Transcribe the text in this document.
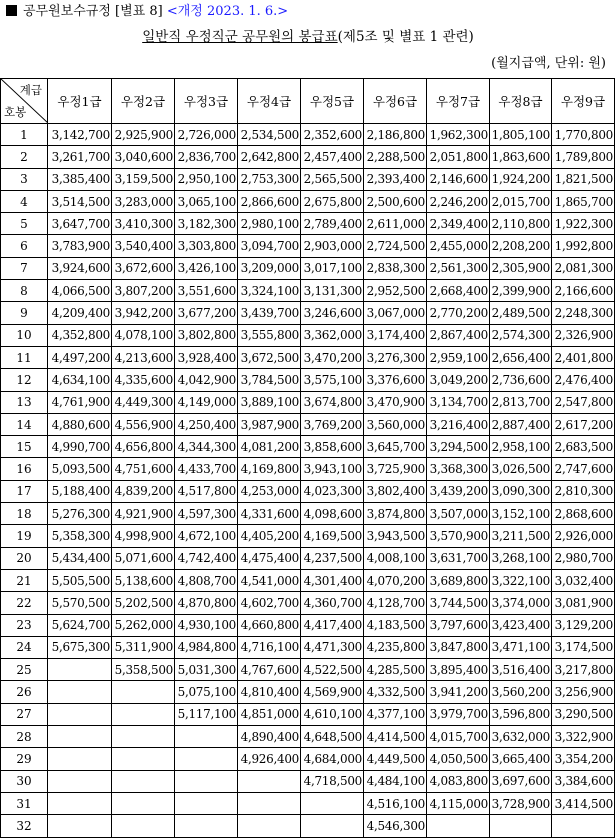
공무원보수규정 [별표 8] <개정 2023. 1. 6.>
일반직 우정직군 공무원의 봉급표(제5조 및 별표 1 관련)
(월지급액, 단위: 원)
계급
호봉	우정1급	우정2급	우정3급	우정4급	우정5급	우정6급	우정7급	우정8급	우정9급
1	3,142,700	2,925,900	2,726,000	2,534,500	2,352,600	2,186,800	1,962,300	1,805,100	1,770,800
2	3,261,700	3,040,600	2,836,700	2,642,800	2,457,400	2,288,500	2,051,800	1,863,600	1,789,800
3	3,385,400	3,159,500	2,950,100	2,753,300	2,565,500	2,393,400	2,146,600	1,924,200	1,821,500
4	3,514,500	3,283,000	3,065,100	2,866,600	2,675,800	2,500,600	2,246,200	2,015,700	1,865,700
5	3,647,700	3,410,300	3,182,300	2,980,100	2,789,400	2,611,000	2,349,400	2,110,800	1,922,300
6	3,783,900	3,540,400	3,303,800	3,094,700	2,903,000	2,724,500	2,455,000	2,208,200	1,992,800
7	3,924,600	3,672,600	3,426,100	3,209,000	3,017,100	2,838,300	2,561,300	2,305,900	2,081,300
8	4,066,500	3,807,200	3,551,600	3,324,100	3,131,300	2,952,500	2,668,400	2,399,900	2,166,600
9	4,209,400	3,942,200	3,677,200	3,439,700	3,246,600	3,067,000	2,770,200	2,489,500	2,248,300
10	4,352,800	4,078,100	3,802,800	3,555,800	3,362,000	3,174,400	2,867,400	2,574,300	2,326,900
11	4,497,200	4,213,600	3,928,400	3,672,500	3,470,200	3,276,300	2,959,100	2,656,400	2,401,800
12	4,634,100	4,335,600	4,042,900	3,784,500	3,575,100	3,376,600	3,049,200	2,736,600	2,476,400
13	4,761,900	4,449,300	4,149,000	3,889,100	3,674,800	3,470,900	3,134,700	2,813,700	2,547,800
14	4,880,600	4,556,900	4,250,400	3,987,900	3,769,200	3,560,000	3,216,400	2,887,400	2,617,200
15	4,990,700	4,656,800	4,344,300	4,081,200	3,858,600	3,645,700	3,294,500	2,958,100	2,683,500
16	5,093,500	4,751,600	4,433,700	4,169,800	3,943,100	3,725,900	3,368,300	3,026,500	2,747,600
17	5,188,400	4,839,200	4,517,800	4,253,000	4,023,300	3,802,400	3,439,200	3,090,300	2,810,300
18	5,276,300	4,921,900	4,597,300	4,331,600	4,098,600	3,874,800	3,507,000	3,152,100	2,868,600
19	5,358,300	4,998,900	4,672,100	4,405,200	4,169,500	3,943,500	3,570,900	3,211,500	2,926,000
20	5,434,400	5,071,600	4,742,400	4,475,400	4,237,500	4,008,100	3,631,700	3,268,100	2,980,700
21	5,505,500	5,138,600	4,808,700	4,541,000	4,301,400	4,070,200	3,689,800	3,322,100	3,032,400
22	5,570,500	5,202,500	4,870,800	4,602,700	4,360,700	4,128,700	3,744,500	3,374,000	3,081,900
23	5,624,700	5,262,000	4,930,100	4,660,800	4,417,400	4,183,500	3,797,600	3,423,400	3,129,200
24	5,675,300	5,311,900	4,984,800	4,716,100	4,471,300	4,235,800	3,847,800	3,471,100	3,174,500
25		5,358,500	5,031,300	4,767,600	4,522,500	4,285,500	3,895,400	3,516,400	3,217,800
26			5,075,100	4,810,400	4,569,900	4,332,500	3,941,200	3,560,200	3,256,900
27			5,117,100	4,851,000	4,610,100	4,377,100	3,979,700	3,596,800	3,290,500
28				4,890,400	4,648,500	4,414,500	4,015,700	3,632,000	3,322,900
29				4,926,400	4,684,000	4,449,500	4,050,500	3,665,400	3,354,200
30					4,718,500	4,484,100	4,083,800	3,697,600	3,384,600
31						4,516,100	4,115,000	3,728,900	3,414,500
32						4,546,300			
